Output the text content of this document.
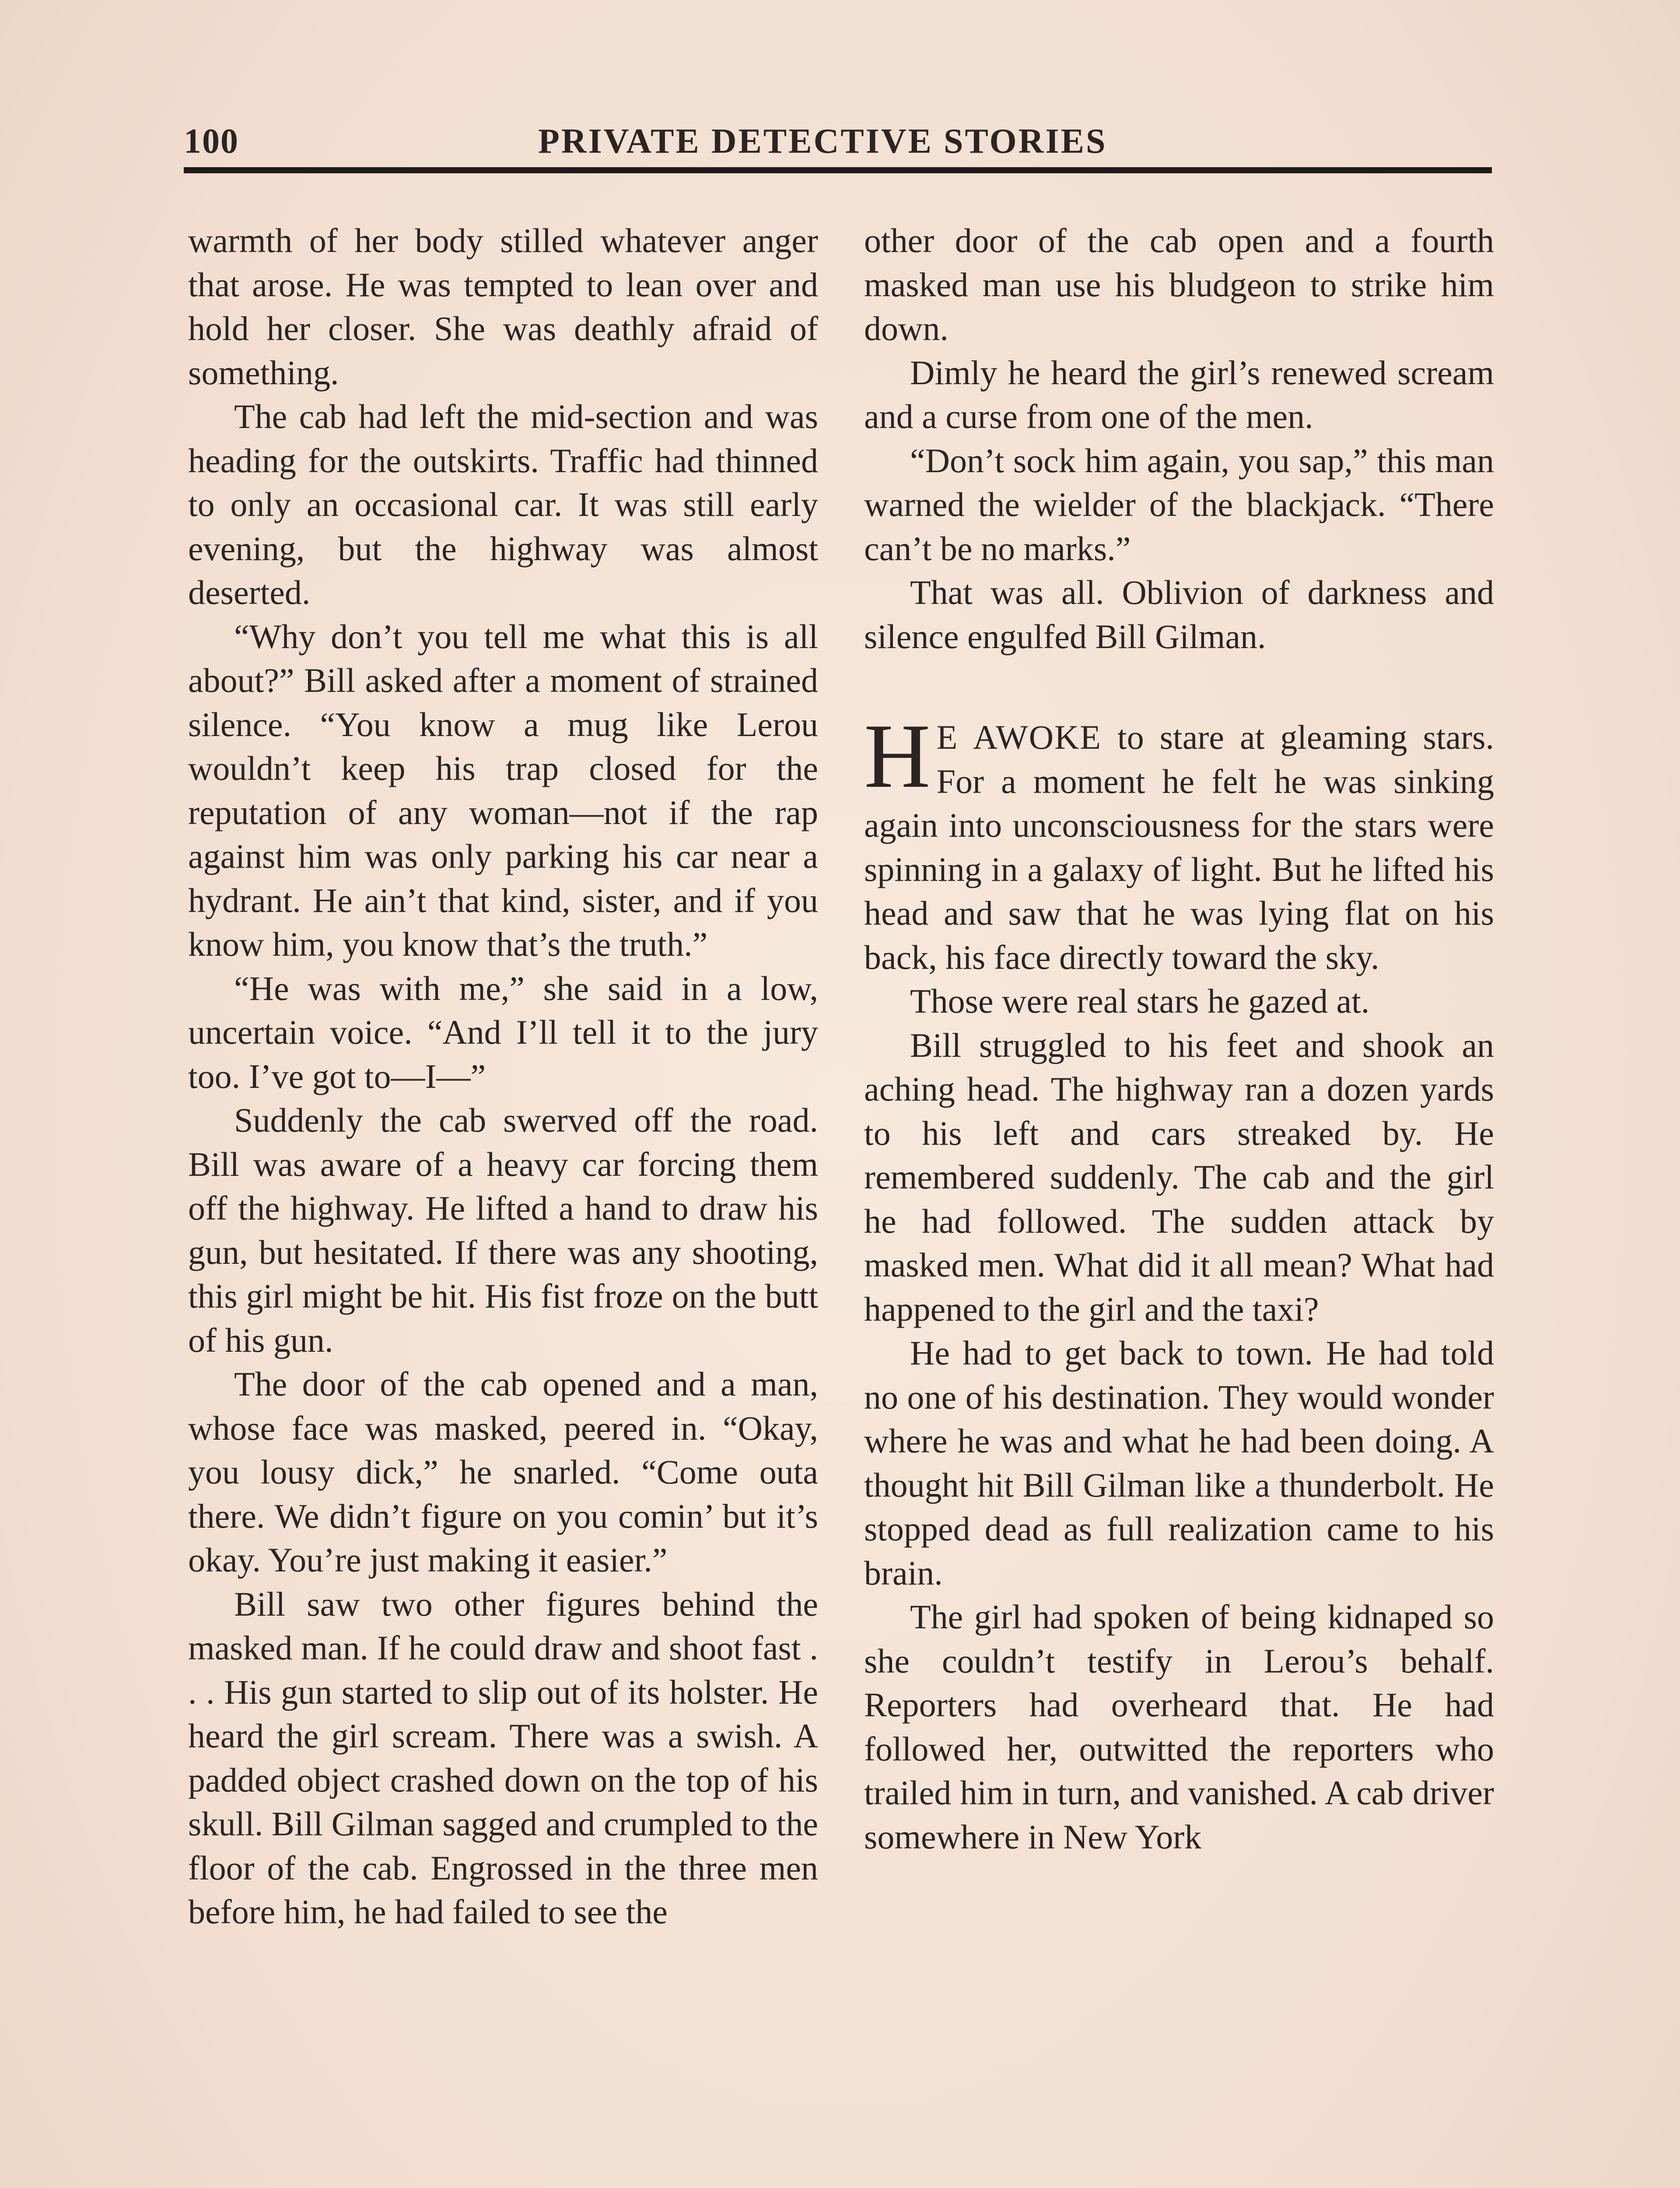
100	PRIVATE DETECTIVE STORIES

warmth of her body stilled whatever anger that arose. He was tempted to lean over and hold her closer. She was deathly afraid of something.

The cab had left the mid-section and was heading for the outskirts. Traffic had thinned to only an occasional car. It was still early evening, but the highway was almost deserted.

“Why don’t you tell me what this is all about?” Bill asked after a moment of strained silence. “You know a mug like Lerou wouldn’t keep his trap closed for the reputation of any woman—not if the rap against him was only parking his car near a hydrant. He ain’t that kind, sister, and if you know him, you know that’s the truth.”

“He was with me,” she said in a low, uncertain voice. “And I’ll tell it to the jury too. I’ve got to—I—”

Suddenly the cab swerved off the road. Bill was aware of a heavy car forcing them off the highway. He lifted a hand to draw his gun, but hesitated. If there was any shooting, this girl might be hit. His fist froze on the butt of his gun.

The door of the cab opened and a man, whose face was masked, peered in. “Okay, you lousy dick,” he snarled. “Come outa there. We didn’t figure on you comin’ but it’s okay. You’re just making it easier.”

Bill saw two other figures behind the masked man. If he could draw and shoot fast . . . His gun started to slip out of its holster. He heard the girl scream. There was a swish. A padded object crashed down on the top of his skull. Bill Gilman sagged and crumpled to the floor of the cab. Engrossed in the three men before him, he had failed to see the

other door of the cab open and a fourth masked man use his bludgeon to strike him down.

Dimly he heard the girl’s renewed scream and a curse from one of the men.

“Don’t sock him again, you sap,” this man warned the wielder of the blackjack. “There can’t be no marks.”

That was all. Oblivion of darkness and silence engulfed Bill Gilman.

H E AWOKE to stare at gleaming stars. For a moment he felt he was sinking again into unconsciousness for the stars were spinning in a galaxy of light. But he lifted his head and saw that he was lying flat on his back, his face directly toward the sky.

Those were real stars he gazed at.

Bill struggled to his feet and shook an aching head. The highway ran a dozen yards to his left and cars streaked by. He remembered suddenly. The cab and the girl he had followed. The sudden attack by masked men. What did it all mean? What had happened to the girl and the taxi?

He had to get back to town. He had told no one of his destination. They would wonder where he was and what he had been doing. A thought hit Bill Gilman like a thunderbolt. He stopped dead as full realization came to his brain.

The girl had spoken of being kidnaped so she couldn’t testify in Lerou’s behalf. Reporters had overheard that. He had followed her, outwitted the reporters who trailed him in turn, and vanished. A cab driver somewhere in New York
